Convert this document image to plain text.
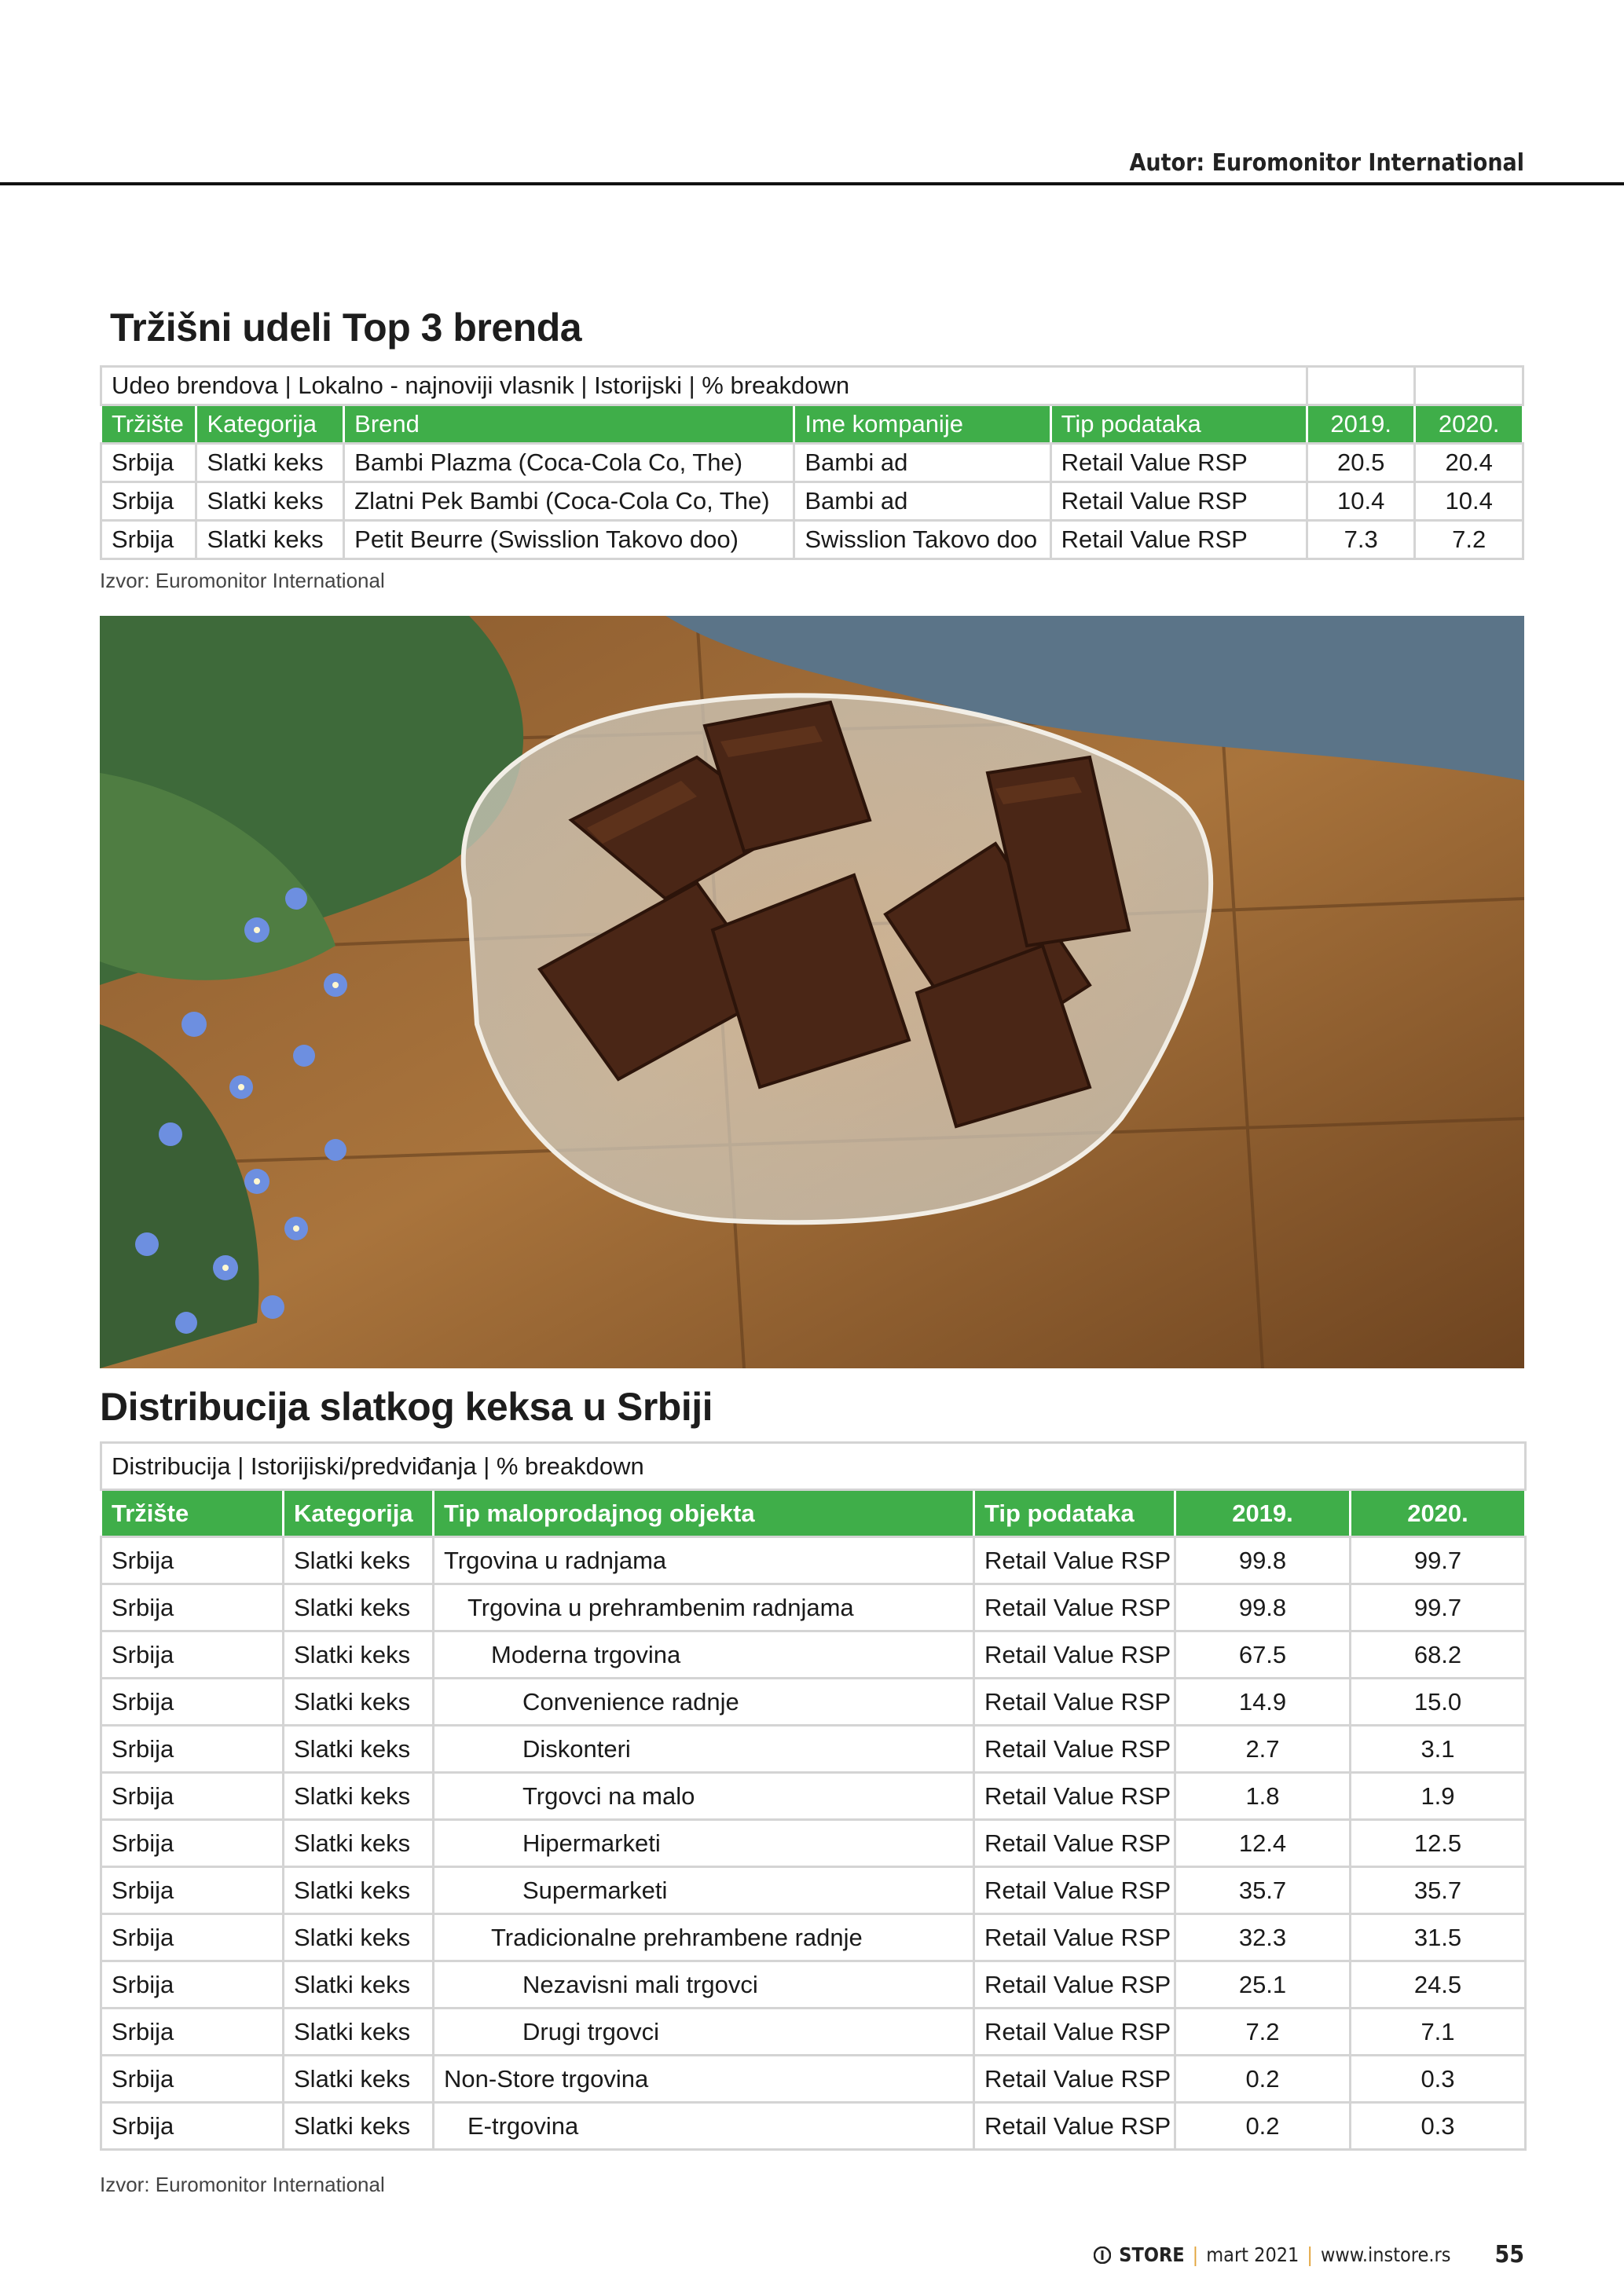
Autor: Euromonitor International
Tržišni udeli Top 3 brenda
Udeo brendova | Lokalno - najnoviji vlasnik | Istorijski | % breakdown						
Tržište	Kategorija	Brend	Ime kompanije	Tip podataka	2019.	2020.
Srbija	Slatki keks	Bambi Plazma (Coca-Cola Co, The)	Bambi ad	Retail Value RSP	20.5	20.4
Srbija	Slatki keks	Zlatni Pek Bambi (Coca-Cola Co, The)	Bambi ad	Retail Value RSP	10.4	10.4
Srbija	Slatki keks	Petit Beurre (Swisslion Takovo doo)	Swisslion Takovo doo	Retail Value RSP	7.3	7.2
Izvor: Euromonitor International
Distribucija slatkog keksa u Srbiji
Distribucija | Istorijiski/predviđanja | % breakdown					
Tržište	Kategorija	Tip maloprodajnog objekta	Tip podataka	2019.	2020.
Srbija	Slatki keks	Trgovina u radnjama	Retail Value RSP	99.8	99.7
Srbija	Slatki keks	Trgovina u prehrambenim radnjama	Retail Value RSP	99.8	99.7
Srbija	Slatki keks	Moderna trgovina	Retail Value RSP	67.5	68.2
Srbija	Slatki keks	Convenience radnje	Retail Value RSP	14.9	15.0
Srbija	Slatki keks	Diskonteri	Retail Value RSP	2.7	3.1
Srbija	Slatki keks	Trgovci na malo	Retail Value RSP	1.8	1.9
Srbija	Slatki keks	Hipermarketi	Retail Value RSP	12.4	12.5
Srbija	Slatki keks	Supermarketi	Retail Value RSP	35.7	35.7
Srbija	Slatki keks	Tradicionalne prehrambene radnje	Retail Value RSP	32.3	31.5
Srbija	Slatki keks	Nezavisni mali trgovci	Retail Value RSP	25.1	24.5
Srbija	Slatki keks	Drugi trgovci	Retail Value RSP	7.2	7.1
Srbija	Slatki keks	Non-Store trgovina	Retail Value RSP	0.2	0.3
Srbija	Slatki keks	E-trgovina	Retail Value RSP	0.2	0.3
Izvor: Euromonitor International
STORE | mart 2021 | www.instore.rs 55
